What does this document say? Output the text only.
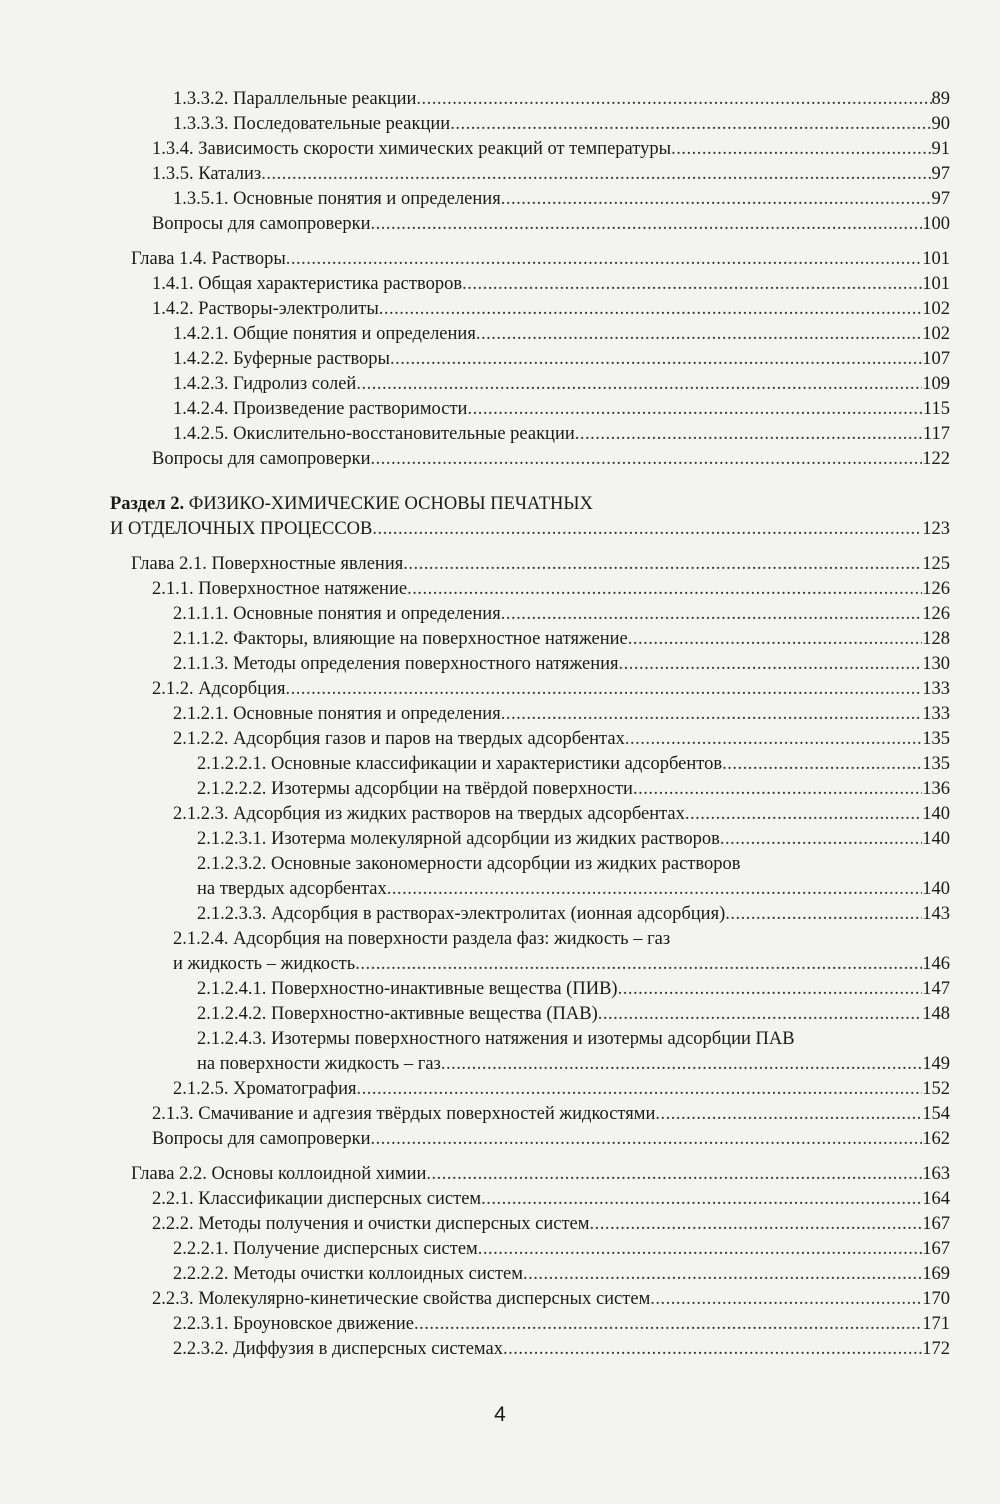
1.3.3.2. Параллельные реакции .....	89
1.3.3.3. Последовательные реакции .....	90
1.3.4. Зависимость скорости химических реакций от температуры .....	91
1.3.5. Катализ .....	97
1.3.5.1. Основные понятия и определения .....	97
Вопросы для самопроверки .....	100
Глава 1.4. Растворы .....	101
1.4.1. Общая характеристика растворов .....	101
1.4.2. Растворы-электролиты .....	102
1.4.2.1. Общие понятия и определения .....	102
1.4.2.2. Буферные растворы .....	107
1.4.2.3. Гидролиз солей .....	109
1.4.2.4. Произведение растворимости .....	115
1.4.2.5. Окислительно-восстановительные реакции .....	117
Вопросы для самопроверки .....	122
Раздел 2. ФИЗИКО-ХИМИЧЕСКИЕ ОСНОВЫ ПЕЧАТНЫХ
И ОТДЕЛОЧНЫХ ПРОЦЕССОВ .....	123
Глава 2.1. Поверхностные явления .....	125
2.1.1. Поверхностное натяжение .....	126
2.1.1.1. Основные понятия и определения .....	126
2.1.1.2. Факторы, влияющие на поверхностное натяжение .....	128
2.1.1.3. Методы определения поверхностного натяжения .....	130
2.1.2. Адсорбция .....	133
2.1.2.1. Основные понятия и определения .....	133
2.1.2.2. Адсорбция газов и паров на твердых адсорбентах .....	135
2.1.2.2.1. Основные классификации и характеристики адсорбентов .....	135
2.1.2.2.2. Изотермы адсорбции на твёрдой поверхности .....	136
2.1.2.3. Адсорбция из жидких растворов на твердых адсорбентах .....	140
2.1.2.3.1. Изотерма молекулярной адсорбции из жидких растворов .....	140
2.1.2.3.2. Основные закономерности адсорбции из жидких растворов
на твердых адсорбентах .....	140
2.1.2.3.3. Адсорбция в растворах-электролитах (ионная адсорбция) .....	143
2.1.2.4. Адсорбция на поверхности раздела фаз: жидкость – газ
и жидкость – жидкость .....	146
2.1.2.4.1. Поверхностно-инактивные вещества (ПИВ) .....	147
2.1.2.4.2. Поверхностно-активные вещества (ПАВ) .....	148
2.1.2.4.3. Изотермы поверхностного натяжения и изотермы адсорбции ПАВ
на поверхности жидкость – газ .....	149
2.1.2.5. Хроматография .....	152
2.1.3. Смачивание и адгезия твёрдых поверхностей жидкостями .....	154
Вопросы для самопроверки .....	162
Глава 2.2. Основы коллоидной химии .....	163
2.2.1. Классификации дисперсных систем .....	164
2.2.2. Методы получения и очистки дисперсных систем .....	167
2.2.2.1. Получение дисперсных систем .....	167
2.2.2.2. Методы очистки коллоидных систем .....	169
2.2.3. Молекулярно-кинетические свойства дисперсных систем .....	170
2.2.3.1. Броуновское движение .....	171
2.2.3.2. Диффузия в дисперсных системах .....	172
4
